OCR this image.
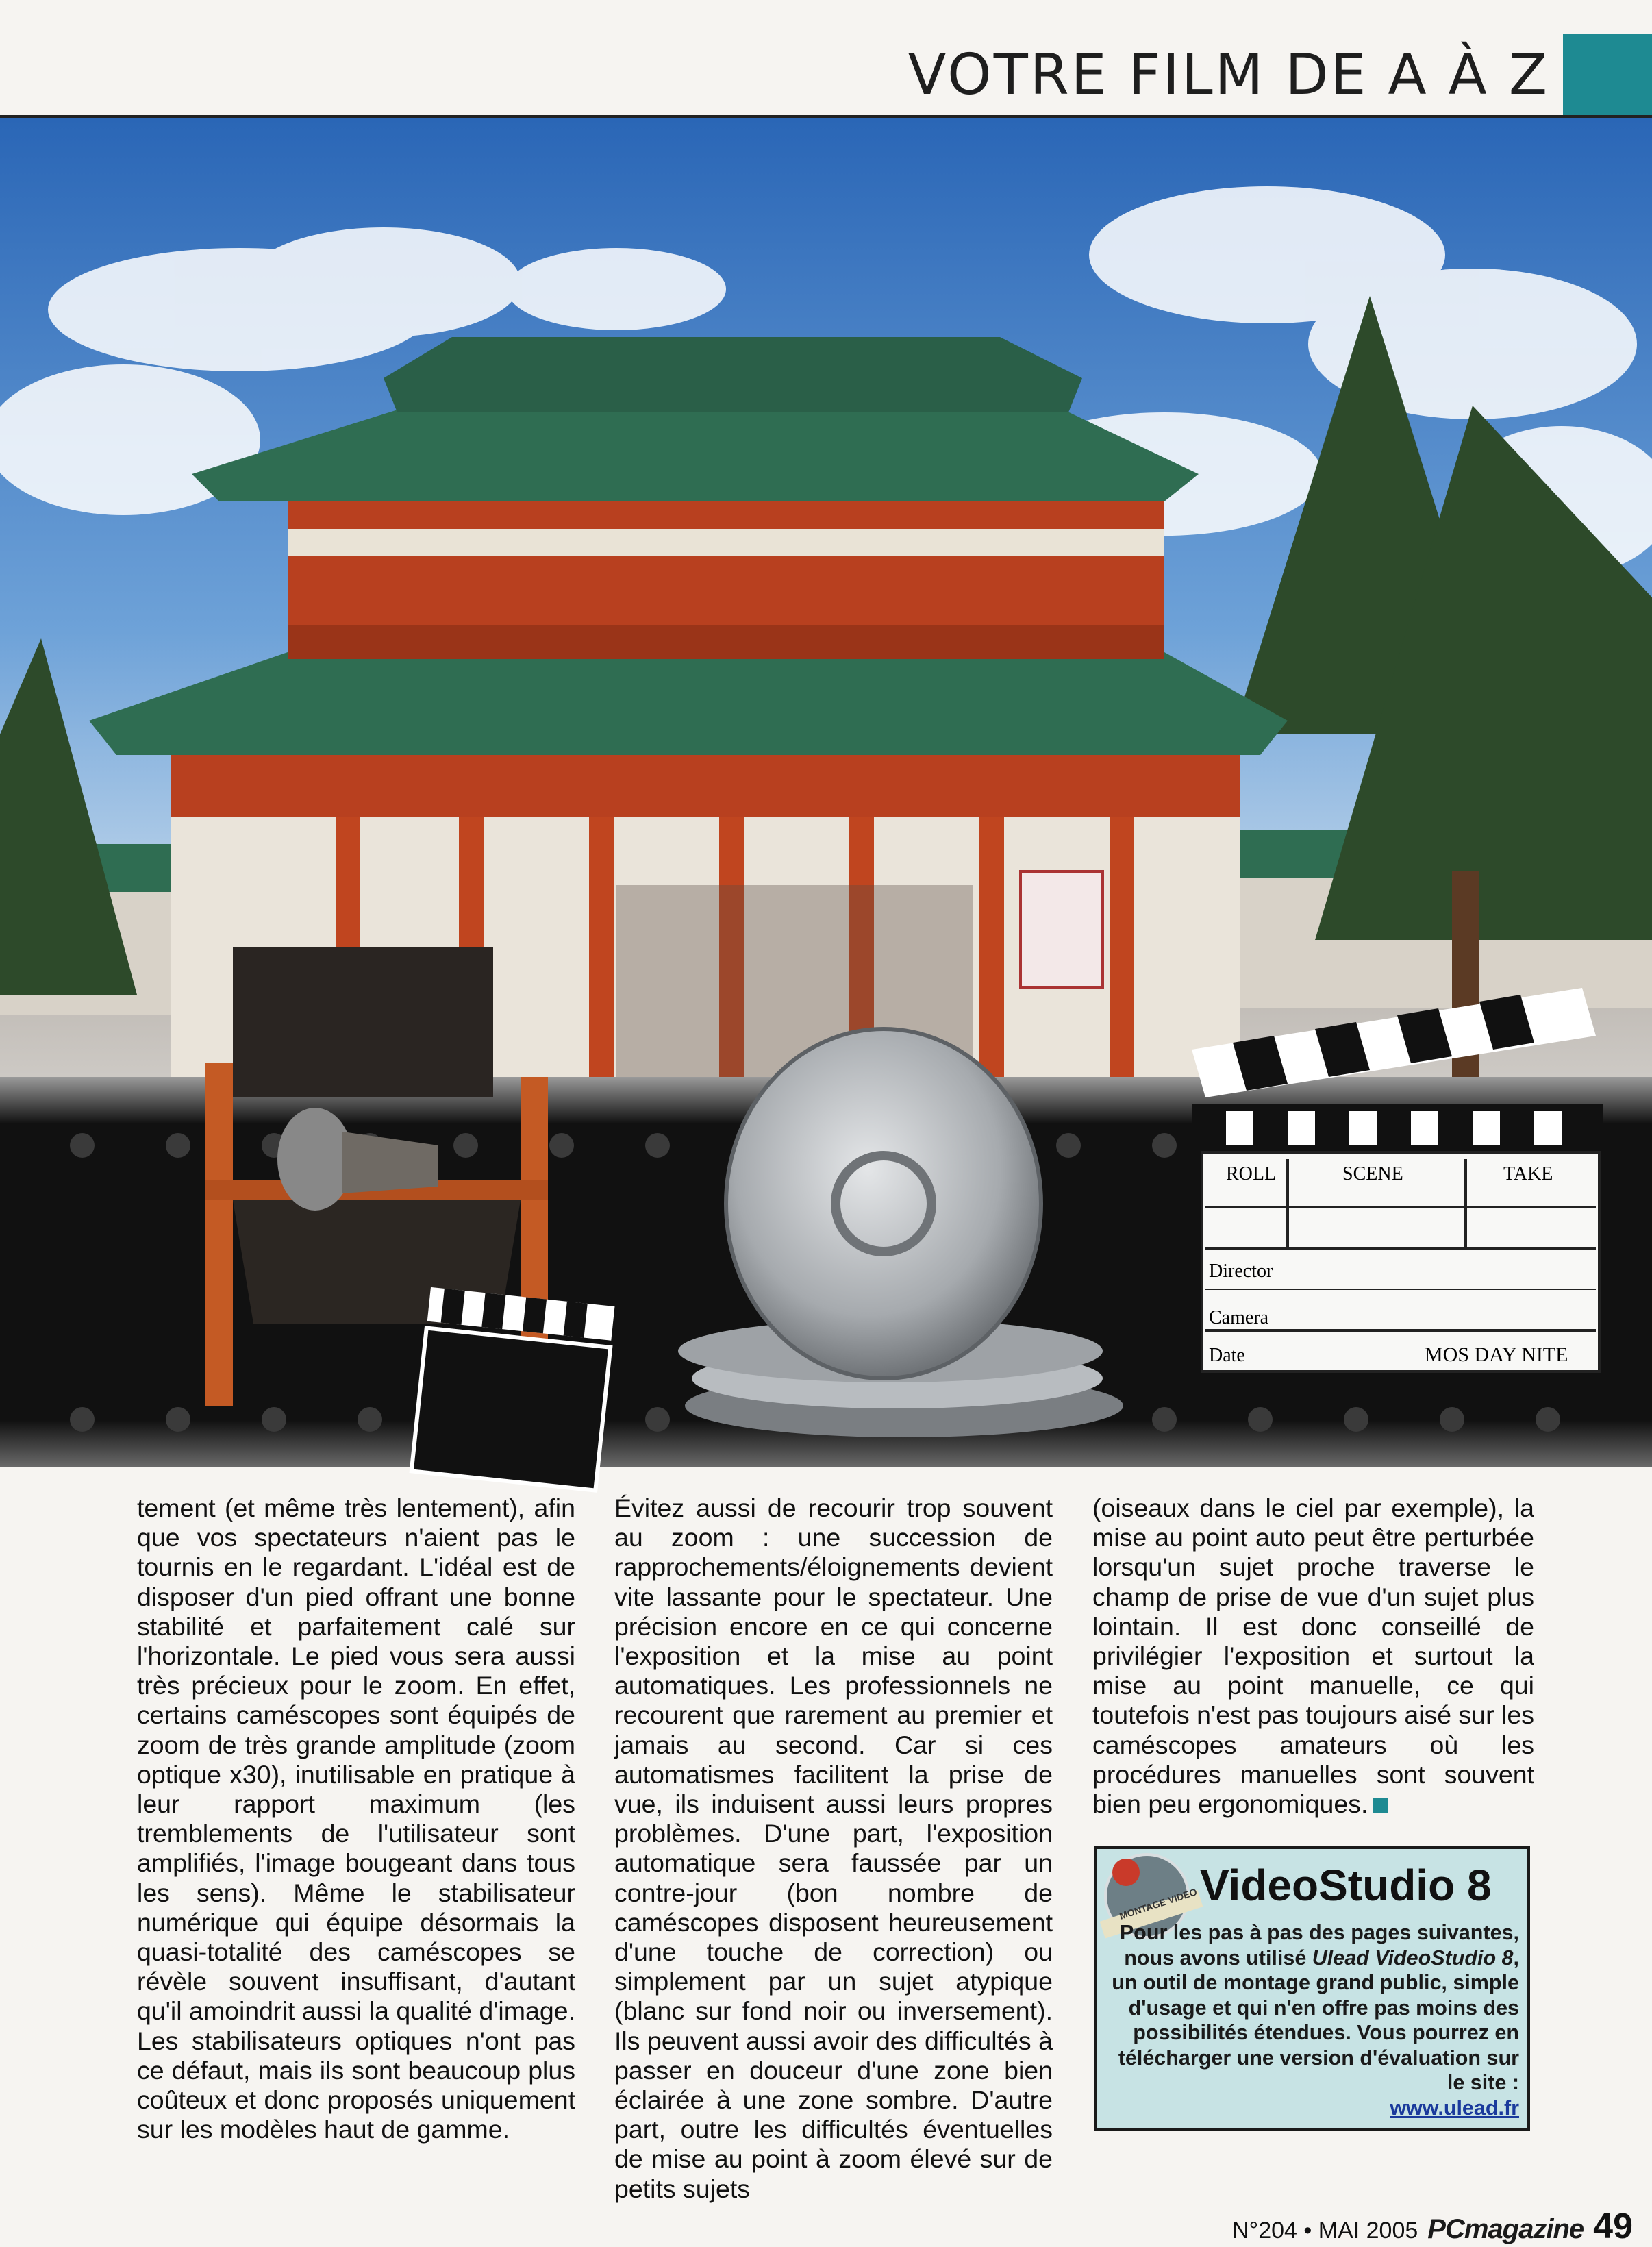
VOTRE FILM DE A À Z
ROLL	SCENE	TAKE
Director
Camera
Date	MOS DAY NITE

tement (et même très lentement), afin que vos spectateurs n'aient pas le tournis en le regardant. L'idéal est de disposer d'un pied offrant une bonne stabilité et parfaitement calé sur l'horizontale. Le pied vous sera aussi très précieux pour le zoom. En effet, certains caméscopes sont équipés de zoom de très grande amplitude (zoom optique x30), inutilisable en pratique à leur rapport maximum (les tremblements de l'utilisateur sont amplifiés, l'image bougeant dans tous les sens). Même le stabilisateur numérique qui équipe désormais la quasi-totalité des caméscopes se révèle souvent insuffisant, d'autant qu'il amoindrit aussi la qualité d'image. Les stabilisateurs optiques n'ont pas ce défaut, mais ils sont beaucoup plus coûteux et donc proposés uniquement sur les modèles haut de gamme.

Évitez aussi de recourir trop souvent au zoom : une succession de rapprochements/éloignements devient vite lassante pour le spectateur. Une précision encore en ce qui concerne l'exposition et la mise au point automatiques. Les professionnels ne recourent que rarement au premier et jamais au second. Car si ces automatismes facilitent la prise de vue, ils induisent aussi leurs propres problèmes. D'une part, l'exposition automatique sera faussée par un contre-jour (bon nombre de caméscopes disposent heureusement d'une touche de correction) ou simplement par un sujet atypique (blanc sur fond noir ou inversement). Ils peuvent aussi avoir des difficultés à passer en douceur d'une zone bien éclairée à une zone sombre. D'autre part, outre les difficultés éventuelles de mise au point à zoom élevé sur de petits sujets

(oiseaux dans le ciel par exemple), la mise au point auto peut être perturbée lorsqu'un sujet proche traverse le champ de prise de vue d'un sujet plus lointain. Il est donc conseillé de privilégier l'exposition et surtout la mise au point manuelle, ce qui toutefois n'est pas toujours aisé sur les caméscopes amateurs où les procédures manuelles sont souvent bien peu ergonomiques.

MONTAGE VIDEO VideoStudio 8
Pour les pas à pas des pages suivantes, nous avons utilisé Ulead VideoStudio 8, un outil de montage grand public, simple d'usage et qui n'en offre pas moins des possibilités étendues. Vous pourrez en télécharger une version d'évaluation sur le site :
www.ulead.fr
N°204 • MAI 2005 PCmagazine 49
